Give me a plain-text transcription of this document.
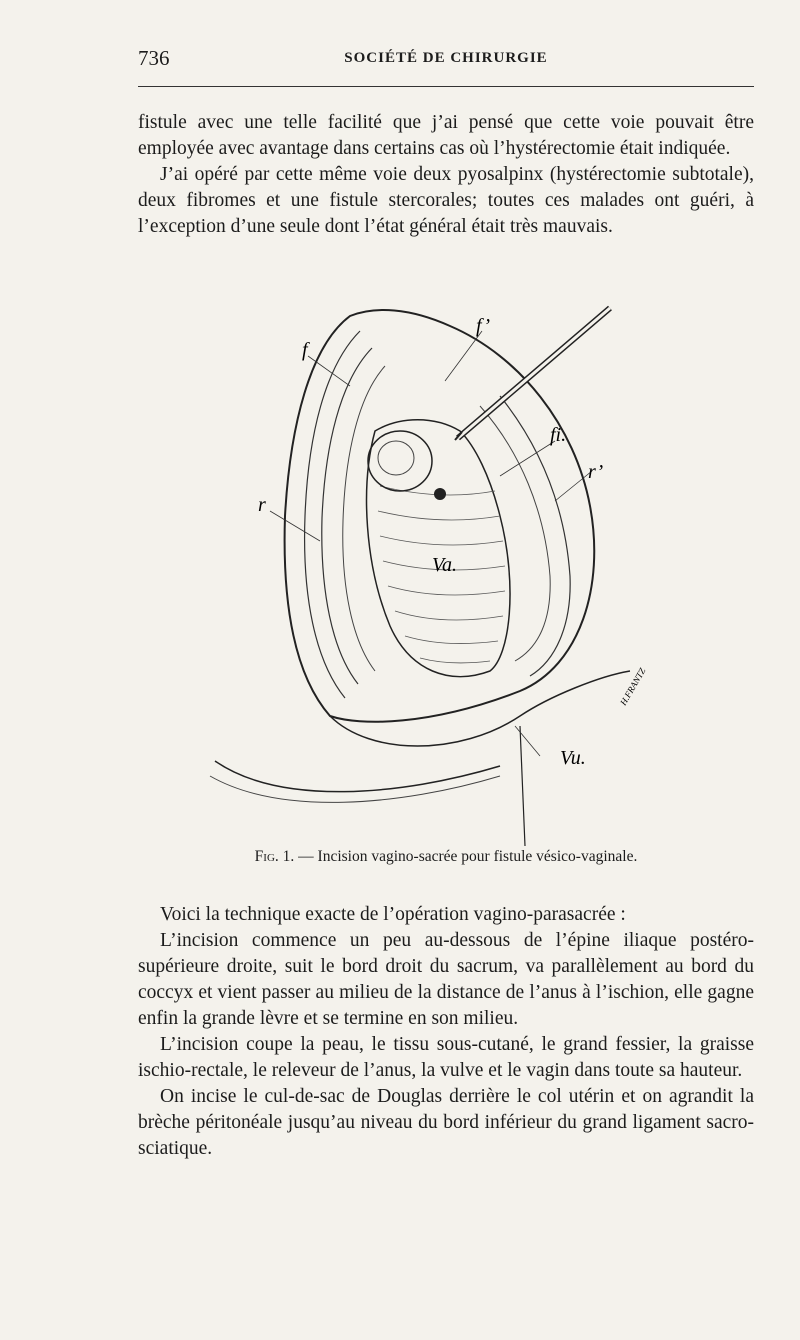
736	SOCIÉTÉ DE CHIRURGIE

fistule avec une telle facilité que j’ai pensé que cette voie pouvait être employée avec avantage dans certains cas où l’hystérectomie était indiquée.

J’ai opéré par cette même voie deux pyosalpinx (hystérectomie subtotale), deux fibromes et une fistule stercorales; toutes ces malades ont guéri, à l’exception d’une seule dont l’état général était très mauvais.

f
f’
fi.
r
r’
Va.
Vu.
H.FRANTZ
Fig. 1. — Incision vagino-sacrée pour fistule vésico-vaginale.

Voici la technique exacte de l’opération vagino-parasacrée :

L’incision commence un peu au-dessous de l’épine iliaque postéro-supérieure droite, suit le bord droit du sacrum, va parallèlement au bord du coccyx et vient passer au milieu de la distance de l’anus à l’ischion, elle gagne enfin la grande lèvre et se termine en son milieu.

L’incision coupe la peau, le tissu sous-cutané, le grand fessier, la graisse ischio-rectale, le releveur de l’anus, la vulve et le vagin dans toute sa hauteur.

On incise le cul-de-sac de Douglas derrière le col utérin et on agrandit la brèche péritonéale jusqu’au niveau du bord inférieur du grand ligament sacro-sciatique.
